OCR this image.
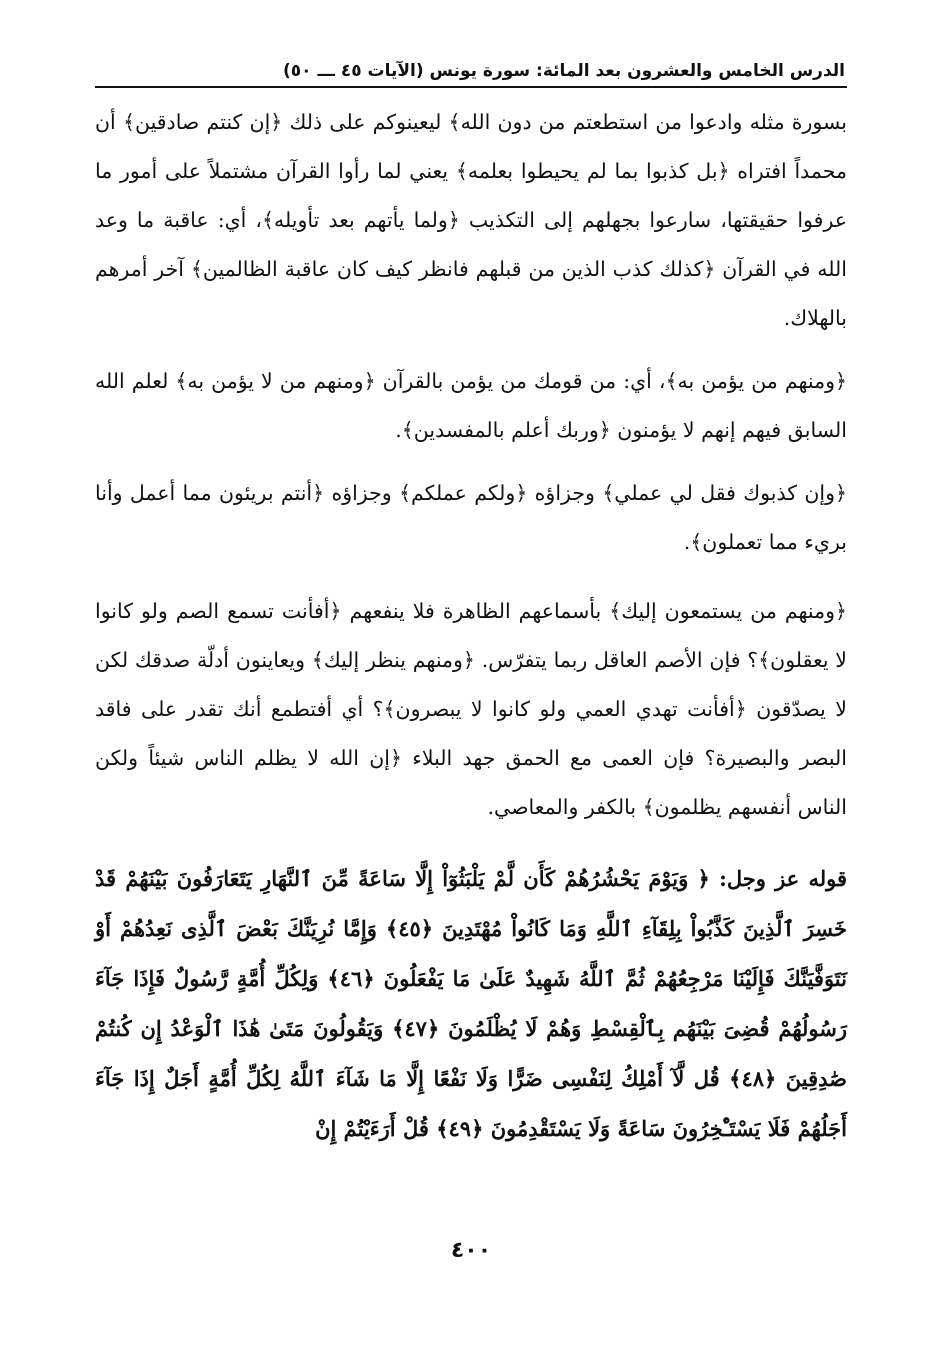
الدرس الخامس والعشرون بعد المائة: سورة يونس (الآيات ٤٥ ـــ ٥٠)

بسورة مثله وادعوا من استطعتم من دون الله﴾ ليعينوكم على ذلك ﴿إن كنتم صادقين﴾ أن محمداً افتراه ﴿بل كذبوا بما لم يحيطوا بعلمه﴾ يعني لما رأوا القرآن مشتملاً على أمور ما عرفوا حقيقتها، سارعوا بجهلهم إلى التكذيب ﴿ولما يأتهم بعد تأويله﴾، أي: عاقبة ما وعد الله في القرآن ﴿كذلك كذب الذين من قبلهم فانظر كيف كان عاقبة الظالمين﴾ آخر أمرهم بالهلاك.

﴿ومنهم من يؤمن به﴾، أي: من قومك من يؤمن بالقرآن ﴿ومنهم من لا يؤمن به﴾ لعلم الله السابق فيهم إنهم لا يؤمنون ﴿وربك أعلم بالمفسدين﴾.

﴿وإن كذبوك فقل لي عملي﴾ وجزاؤه ﴿ولكم عملكم﴾ وجزاؤه ﴿أنتم بريئون مما أعمل وأنا بريء مما تعملون﴾.

﴿ومنهم من يستمعون إليك﴾ بأسماعهم الظاهرة فلا ينفعهم ﴿أفأنت تسمع الصم ولو كانوا لا يعقلون﴾؟ فإن الأصم العاقل ربما يتفرّس. ﴿ومنهم ينظر إليك﴾ ويعاينون أدلّة صدقك لكن لا يصدّقون ﴿أفأنت تهدي العمي ولو كانوا لا يبصرون﴾؟ أي أفتطمع أنك تقدر على فاقد البصر والبصيرة؟ فإن العمى مع الحمق جهد البلاء ﴿إن الله لا يظلم الناس شيئاً ولكن الناس أنفسهم يظلمون﴾ بالكفر والمعاصي.

قوله عز وجل: ﴿ وَيَوْمَ يَحْشُرُهُمْ كَأَن لَّمْ يَلْبَثُوٓاْ إِلَّا سَاعَةً مِّنَ ٱلنَّهَارِ يَتَعَارَفُونَ بَيْنَهُمْ قَدْ خَسِرَ ٱلَّذِينَ كَذَّبُواْ بِلِقَآءِ ٱللَّهِ وَمَا كَانُواْ مُهْتَدِينَ ﴿٤٥﴾ وَإِمَّا نُرِيَنَّكَ بَعْضَ ٱلَّذِى نَعِدُهُمْ أَوْ نَتَوَفَّيَنَّكَ فَإِلَيْنَا مَرْجِعُهُمْ ثُمَّ ٱللَّهُ شَهِيدٌ عَلَىٰ مَا يَفْعَلُونَ ﴿٤٦﴾ وَلِكُلِّ أُمَّةٍ رَّسُولٌ فَإِذَا جَآءَ رَسُولُهُمْ قُضِىَ بَيْنَهُم بِٱلْقِسْطِ وَهُمْ لَا يُظْلَمُونَ ﴿٤٧﴾ وَيَقُولُونَ مَتَىٰ هَٰذَا ٱلْوَعْدُ إِن كُنتُمْ صَٰدِقِينَ ﴿٤٨﴾ قُل لَّآ أَمْلِكُ لِنَفْسِى ضَرًّا وَلَا نَفْعًا إِلَّا مَا شَآءَ ٱللَّهُ لِكُلِّ أُمَّةٍ أَجَلٌ إِذَا جَآءَ أَجَلُهُمْ فَلَا يَسْتَـْٔخِرُونَ سَاعَةً وَلَا يَسْتَقْدِمُونَ ﴿٤٩﴾ قُلْ أَرَءَيْتُمْ إِنْ
٤٠٠
